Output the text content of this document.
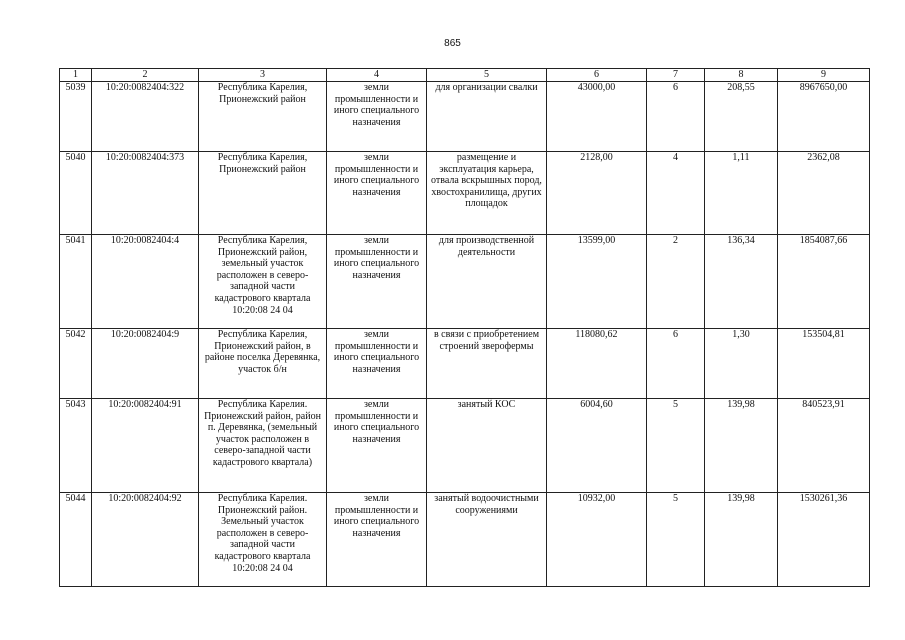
865
1	2	3	4	5	6	7	8	9
5039	10:20:0082404:322	Республика Карелия, Прионежский район	земли промышленности и иного специального назначения	для организации свалки	43000,00	6	208,55	8967650,00
5040	10:20:0082404:373	Республика Карелия, Прионежский район	земли промышленности и иного специального назначения	размещение и эксплуатация карьера, отвала вскрышных пород, хвостохранилища, других площадок	2128,00	4	1,11	2362,08
5041	10:20:0082404:4	Республика Карелия, Прионежский район, земельный участок расположен в северо-западной части кадастрового квартала 10:20:08 24 04	земли промышленности и иного специального назначения	для производственной деятельности	13599,00	2	136,34	1854087,66
5042	10:20:0082404:9	Республика Карелия, Прионежский район, в районе поселка Деревянка, участок б/н	земли промышленности и иного специального назначения	в связи с приобретением строений зверофермы	118080,62	6	1,30	153504,81
5043	10:20:0082404:91	Республика Карелия. Прионежский район, район п. Деревянка, (земельный участок расположен в северо-западной части кадастрового квартала)	земли промышленности и иного специального назначения	занятый КОС	6004,60	5	139,98	840523,91
5044	10:20:0082404:92	Республика Карелия. Прионежский район. Земельный участок расположен в северо-западной части кадастрового квартала 10:20:08 24 04	земли промышленности и иного специального назначения	занятый водоочистными сооружениями	10932,00	5	139,98	1530261,36
